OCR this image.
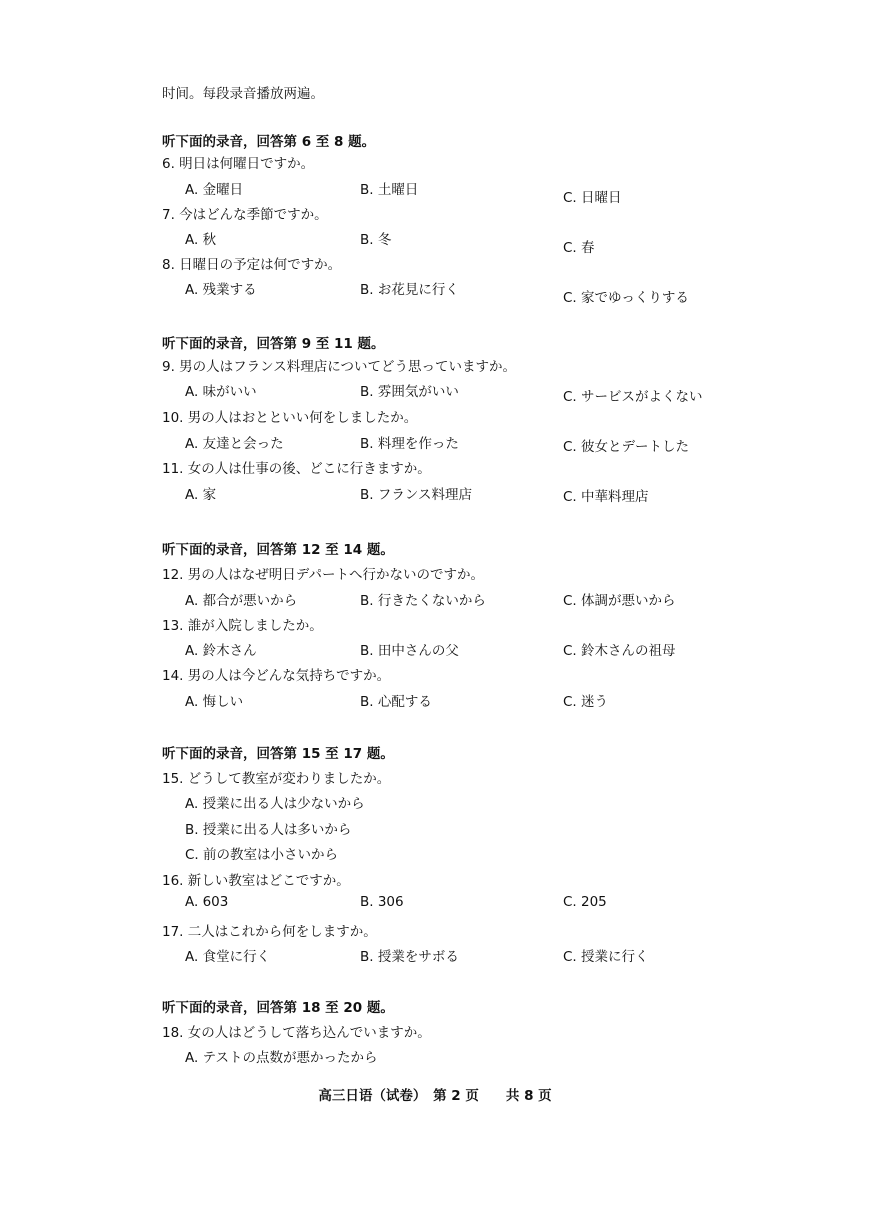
时间。每段录音播放两遍。
听下面的录音，回答第 6 至 8 题。
6. 明日は何曜日ですか。
A. 金曜日	B. 土曜日	C. 日曜日
7. 今はどんな季節ですか。
A. 秋	B. 冬	C. 春
8. 日曜日の予定は何ですか。
A. 残業する	B. お花見に行く	C. 家でゆっくりする
听下面的录音，回答第 9 至 11 题。
9. 男の人はフランス料理店についてどう思っていますか。
A. 味がいい	B. 雰囲気がいい	C. サービスがよくない
10. 男の人はおとといい何をしましたか。
A. 友達と会った	B. 料理を作った	C. 彼女とデートした
11. 女の人は仕事の後、どこに行きますか。
A. 家	B. フランス料理店	C. 中華料理店
听下面的录音，回答第 12 至 14 题。
12. 男の人はなぜ明日デパートへ行かないのですか。
A. 都合が悪いから	B. 行きたくないから	C. 体調が悪いから
13. 誰が入院しましたか。
A. 鈴木さん	B. 田中さんの父	C. 鈴木さんの祖母
14. 男の人は今どんな気持ちですか。
A. 悔しい	B. 心配する	C. 迷う
听下面的录音，回答第 15 至 17 题。
15. どうして教室が変わりましたか。
A. 授業に出る人は少ないから
B. 授業に出る人は多いから
C. 前の教室は小さいから
16. 新しい教室はどこですか。
A. 603	B. 306	C. 205
17. 二人はこれから何をしますか。
A. 食堂に行く	B. 授業をサボる	C. 授業に行く
听下面的录音，回答第 18 至 20 题。
18. 女の人はどうして落ち込んでいますか。
A. テストの点数が悪かったから
高三日语（试卷）　第 2 页　　共 8 页
